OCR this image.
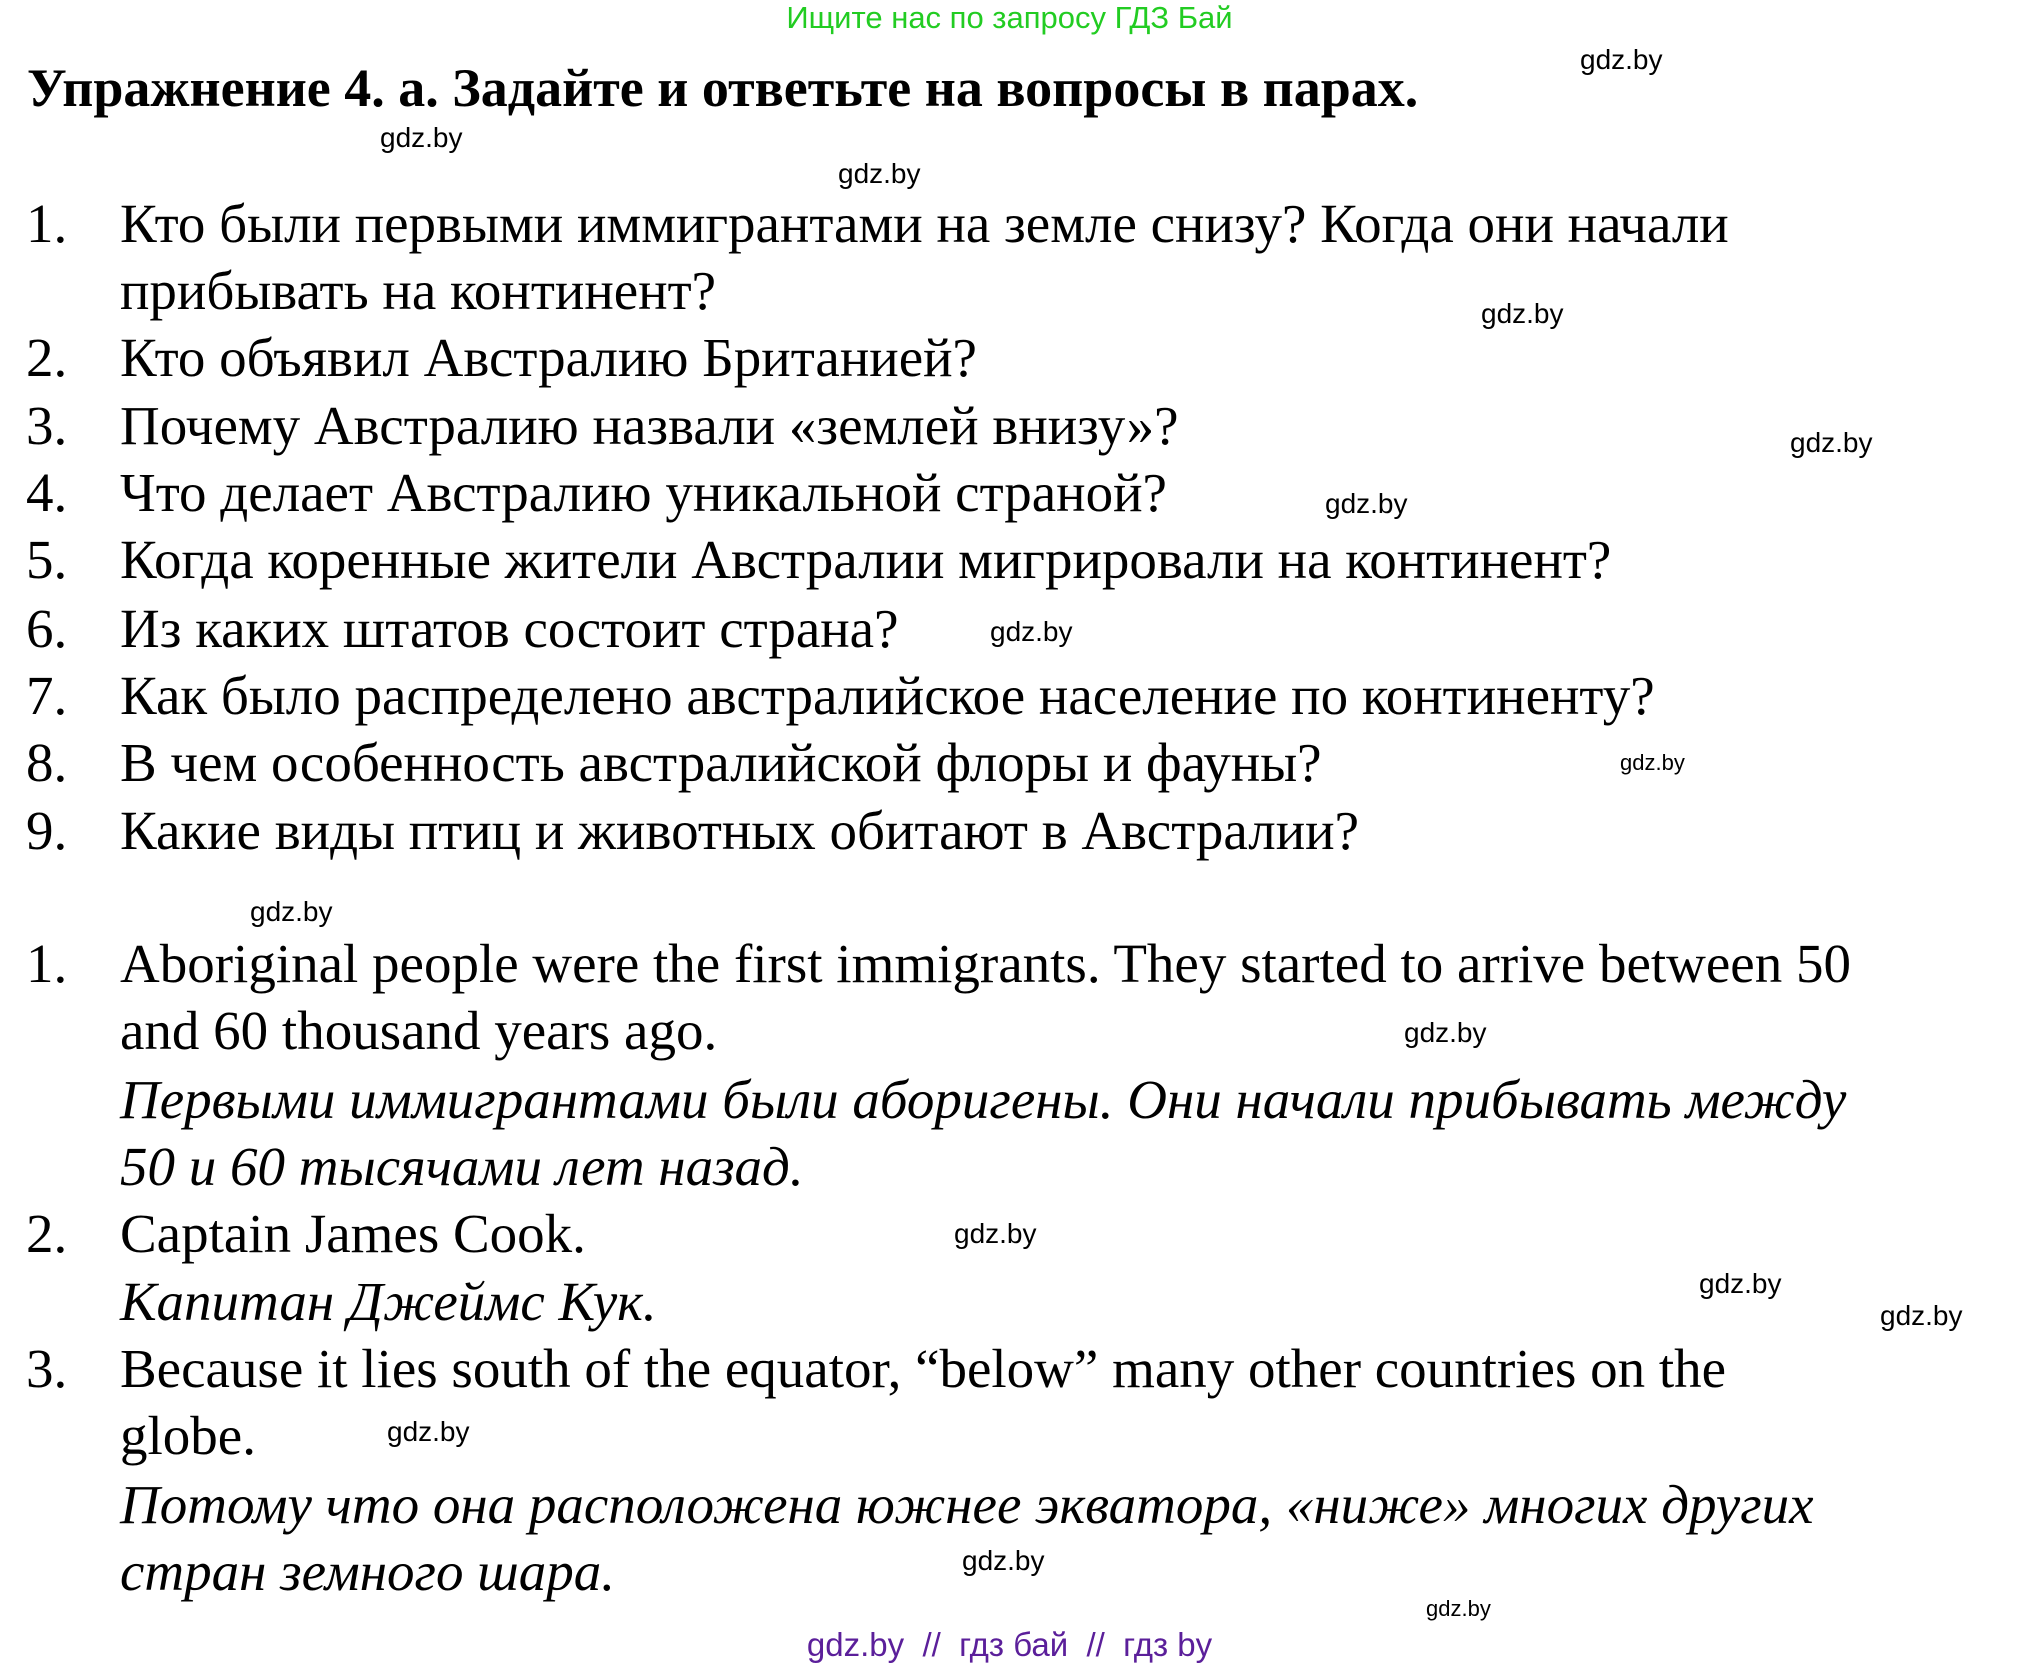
Ищите нас по запросу ГДЗ Бай
Упражнение 4. а. Задайте и ответьте на вопросы в парах.
1. Кто были первыми иммигрантами на земле снизу? Когда они начали
прибывать на континент?
2. Кто объявил Австралию Британией?
3. Почему Австралию назвали «землей внизу»?
4. Что делает Австралию уникальной страной?
5. Когда коренные жители Австралии мигрировали на континент?
6. Из каких штатов состоит страна?
7. Как было распределено австралийское население по континенту?
8. В чем особенность австралийской флоры и фауны?
9. Какие виды птиц и животных обитают в Австралии?
1. Aboriginal people were the first immigrants. They started to arrive between 50
and 60 thousand years ago.
Первыми иммигрантами были аборигены. Они начали прибывать между
50 и 60 тысячами лет назад.
2. Captain James Cook.
Капитан Джеймс Кук.
3. Because it lies south of the equator, “below” many other countries on the
globe.
Потому что она расположена южнее экватора, «ниже» многих других
стран земного шара.
gdz.by
gdz.by
gdz.by
gdz.by
gdz.by
gdz.by
gdz.by
gdz.by
gdz.by
gdz.by
gdz.by
gdz.by
gdz.by
gdz.by
gdz.by
gdz.by
gdz.by  //  гдз бай  //  гдз by
